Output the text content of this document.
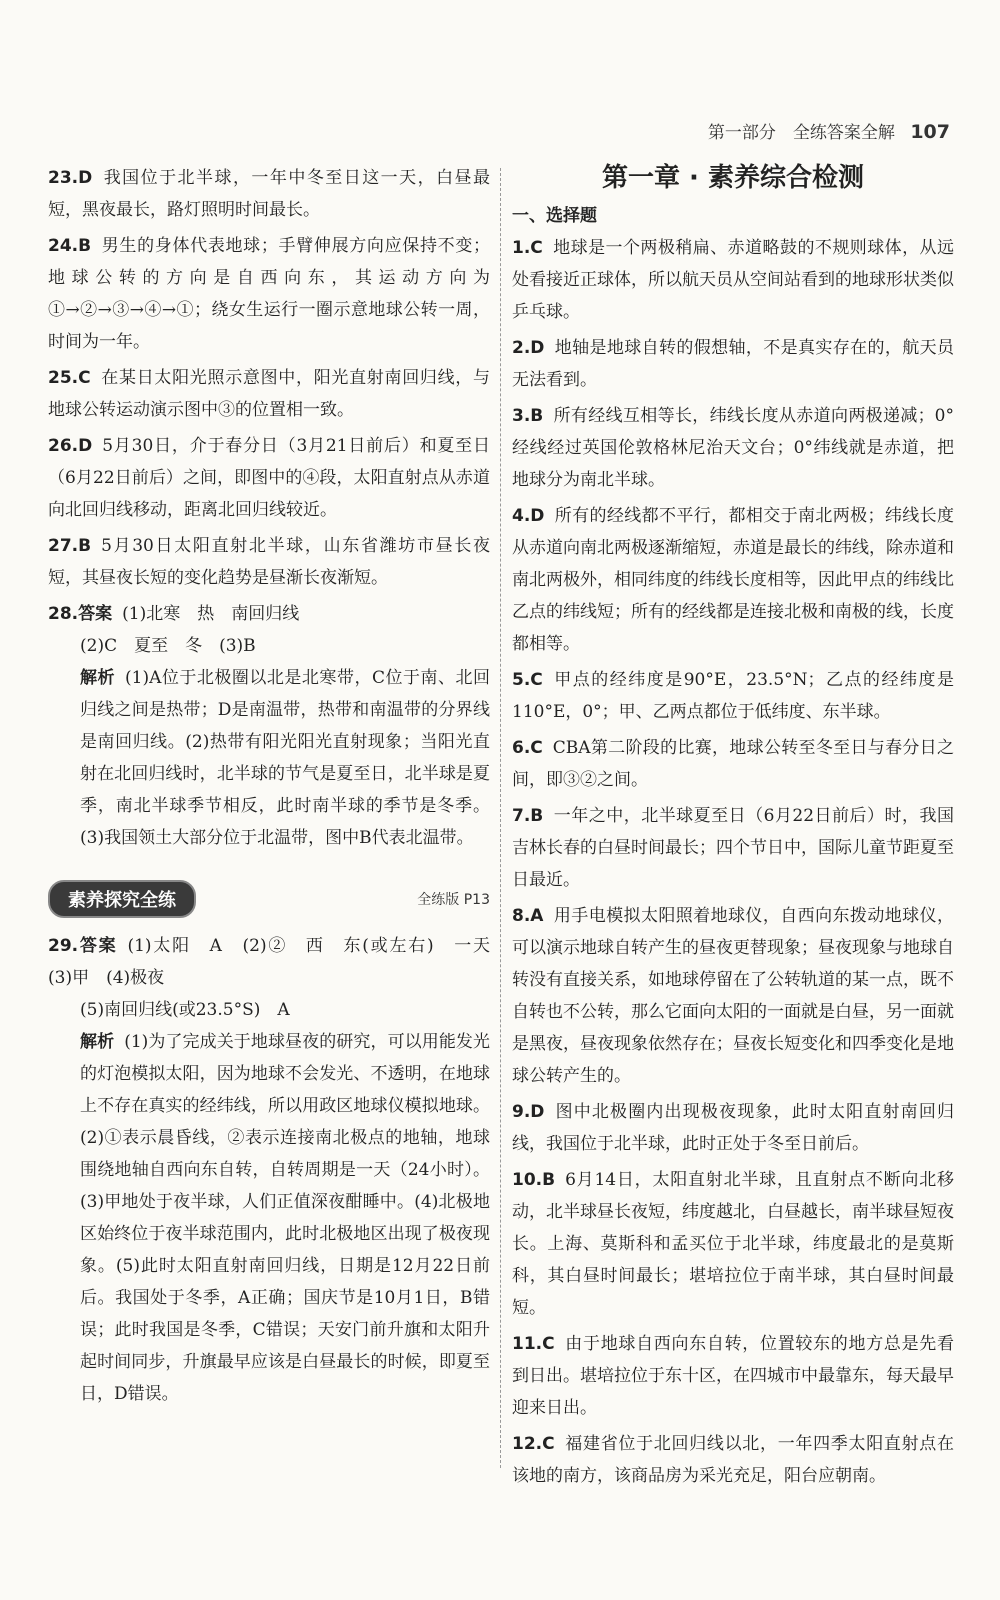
第一部分　全练答案全解 107
23.D 我国位于北半球，一年中冬至日这一天，白昼最短，黑夜最长，路灯照明时间最长。
24.B 男生的身体代表地球；手臂伸展方向应保持不变；地球公转的方向是自西向东，其运动方向为①→②→③→④→①；绕女生运行一圈示意地球公转一周，时间为一年。
25.C 在某日太阳光照示意图中，阳光直射南回归线，与地球公转运动演示图中③的位置相一致。
26.D 5月30日，介于春分日（3月21日前后）和夏至日（6月22日前后）之间，即图中的④段，太阳直射点从赤道向北回归线移动，距离北回归线较近。
27.B 5月30日太阳直射北半球，山东省潍坊市昼长夜短，其昼夜长短的变化趋势是昼渐长夜渐短。
28.答案 (1)北寒　热　南回归线
(2)C　夏至　冬　(3)B
解析 (1)A位于北极圈以北是北寒带，C位于南、北回归线之间是热带；D是南温带，热带和南温带的分界线是南回归线。(2)热带有阳光阳光直射现象；当阳光直射在北回归线时，北半球的节气是夏至日，北半球是夏季，南北半球季节相反，此时南半球的季节是冬季。(3)我国领土大部分位于北温带，图中B代表北温带。
素养探究全练	全练版 P13
29.答案 (1)太阳　A　(2)②　西　东(或左右)　一天　(3)甲　(4)极夜
(5)南回归线(或23.5°S)　A
解析 (1)为了完成关于地球昼夜的研究，可以用能发光的灯泡模拟太阳，因为地球不会发光、不透明，在地球上不存在真实的经纬线，所以用政区地球仪模拟地球。(2)①表示晨昏线，②表示连接南北极点的地轴，地球围绕地轴自西向东自转，自转周期是一天（24小时）。(3)甲地处于夜半球，人们正值深夜酣睡中。(4)北极地区始终位于夜半球范围内，此时北极地区出现了极夜现象。(5)此时太阳直射南回归线，日期是12月22日前后。我国处于冬季，A正确；国庆节是10月1日，B错误；此时我国是冬季，C错误；天安门前升旗和太阳升起时间同步，升旗最早应该是白昼最长的时候，即夏至日，D错误。
第一章 · 素养综合检测
一、选择题
1.C 地球是一个两极稍扁、赤道略鼓的不规则球体，从远处看接近正球体，所以航天员从空间站看到的地球形状类似乒乓球。
2.D 地轴是地球自转的假想轴，不是真实存在的，航天员无法看到。
3.B 所有经线互相等长，纬线长度从赤道向两极递减；0°经线经过英国伦敦格林尼治天文台；0°纬线就是赤道，把地球分为南北半球。
4.D 所有的经线都不平行，都相交于南北两极；纬线长度从赤道向南北两极逐渐缩短，赤道是最长的纬线，除赤道和南北两极外，相同纬度的纬线长度相等，因此甲点的纬线比乙点的纬线短；所有的经线都是连接北极和南极的线，长度都相等。
5.C 甲点的经纬度是90°E，23.5°N；乙点的经纬度是110°E，0°；甲、乙两点都位于低纬度、东半球。
6.C CBA第二阶段的比赛，地球公转至冬至日与春分日之间，即③②之间。
7.B 一年之中，北半球夏至日（6月22日前后）时，我国吉林长春的白昼时间最长；四个节日中，国际儿童节距夏至日最近。
8.A 用手电模拟太阳照着地球仪，自西向东拨动地球仪，可以演示地球自转产生的昼夜更替现象；昼夜现象与地球自转没有直接关系，如地球停留在了公转轨道的某一点，既不自转也不公转，那么它面向太阳的一面就是白昼，另一面就是黑夜，昼夜现象依然存在；昼夜长短变化和四季变化是地球公转产生的。
9.D 图中北极圈内出现极夜现象，此时太阳直射南回归线，我国位于北半球，此时正处于冬至日前后。
10.B 6月14日，太阳直射北半球，且直射点不断向北移动，北半球昼长夜短，纬度越北，白昼越长，南半球昼短夜长。上海、莫斯科和孟买位于北半球，纬度最北的是莫斯科，其白昼时间最长；堪培拉位于南半球，其白昼时间最短。
11.C 由于地球自西向东自转，位置较东的地方总是先看到日出。堪培拉位于东十区，在四城市中最靠东，每天最早迎来日出。
12.C 福建省位于北回归线以北，一年四季太阳直射点在该地的南方，该商品房为采光充足，阳台应朝南。
